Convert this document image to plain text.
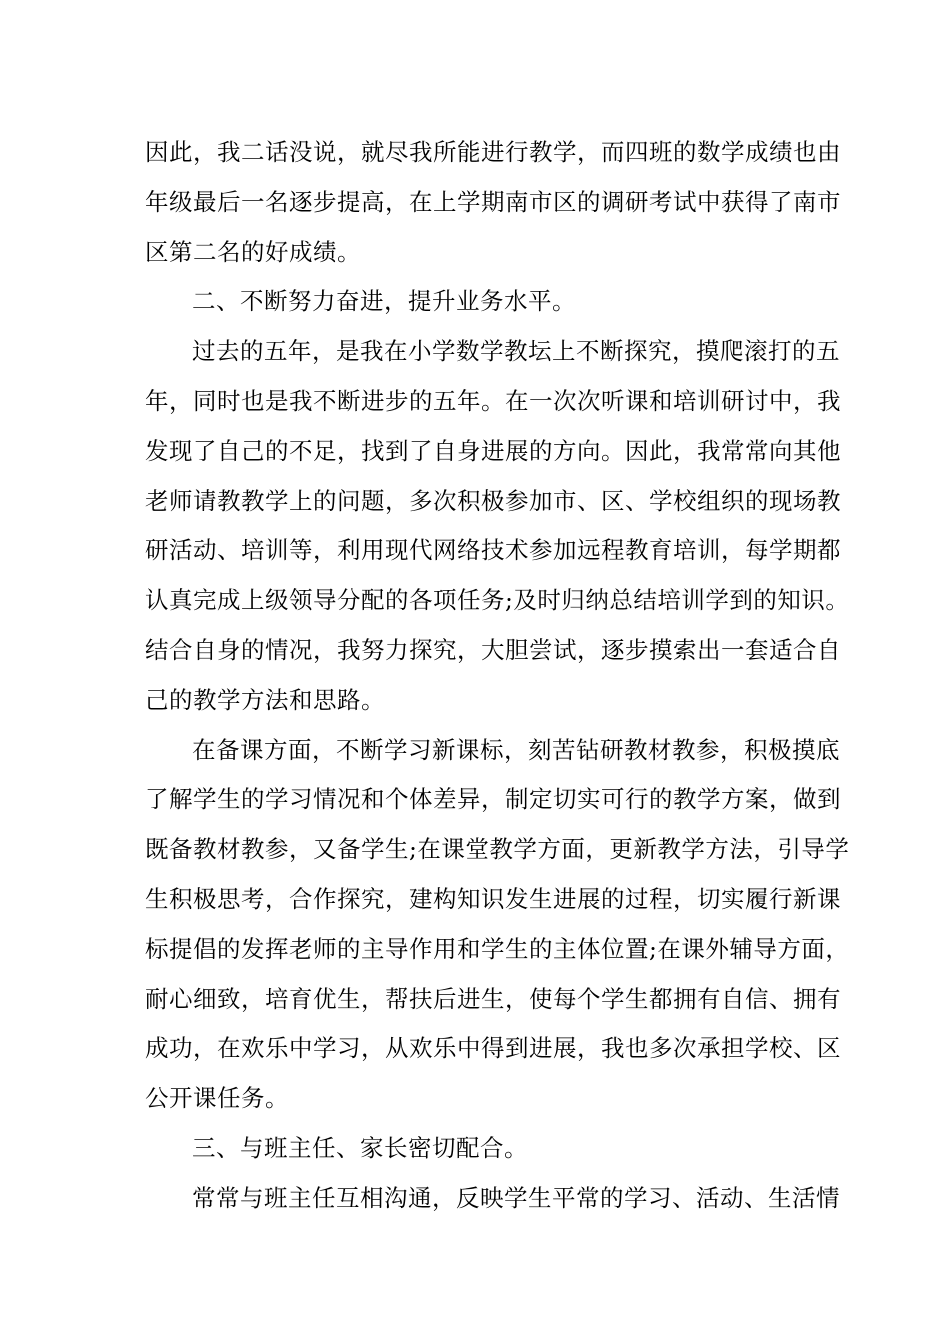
因此，我二话没说，就尽我所能进行教学，而四班的数学成绩也由
年级最后一名逐步提高，在上学期南市区的调研考试中获得了南市
区第二名的好成绩。
二、不断努力奋进，提升业务水平。
过去的五年，是我在小学数学教坛上不断探究，摸爬滚打的五
年，同时也是我不断进步的五年。在一次次听课和培训研讨中，我
发现了自己的不足，找到了自身进展的方向。因此，我常常向其他
老师请教教学上的问题，多次积极参加市、区、学校组织的现场教
研活动、培训等，利用现代网络技术参加远程教育培训，每学期都
认真完成上级领导分配的各项任务;及时归纳总结培训学到的知识。
结合自身的情况，我努力探究，大胆尝试，逐步摸索出一套适合自
己的教学方法和思路。
在备课方面，不断学习新课标，刻苦钻研教材教参，积极摸底
了解学生的学习情况和个体差异，制定切实可行的教学方案，做到
既备教材教参，又备学生;在课堂教学方面，更新教学方法，引导学
生积极思考，合作探究，建构知识发生进展的过程，切实履行新课
标提倡的发挥老师的主导作用和学生的主体位置;在课外辅导方面，
耐心细致，培育优生，帮扶后进生，使每个学生都拥有自信、拥有
成功，在欢乐中学习，从欢乐中得到进展，我也多次承担学校、区
公开课任务。
三、与班主任、家长密切配合。
常常与班主任互相沟通，反映学生平常的学习、活动、生活情
